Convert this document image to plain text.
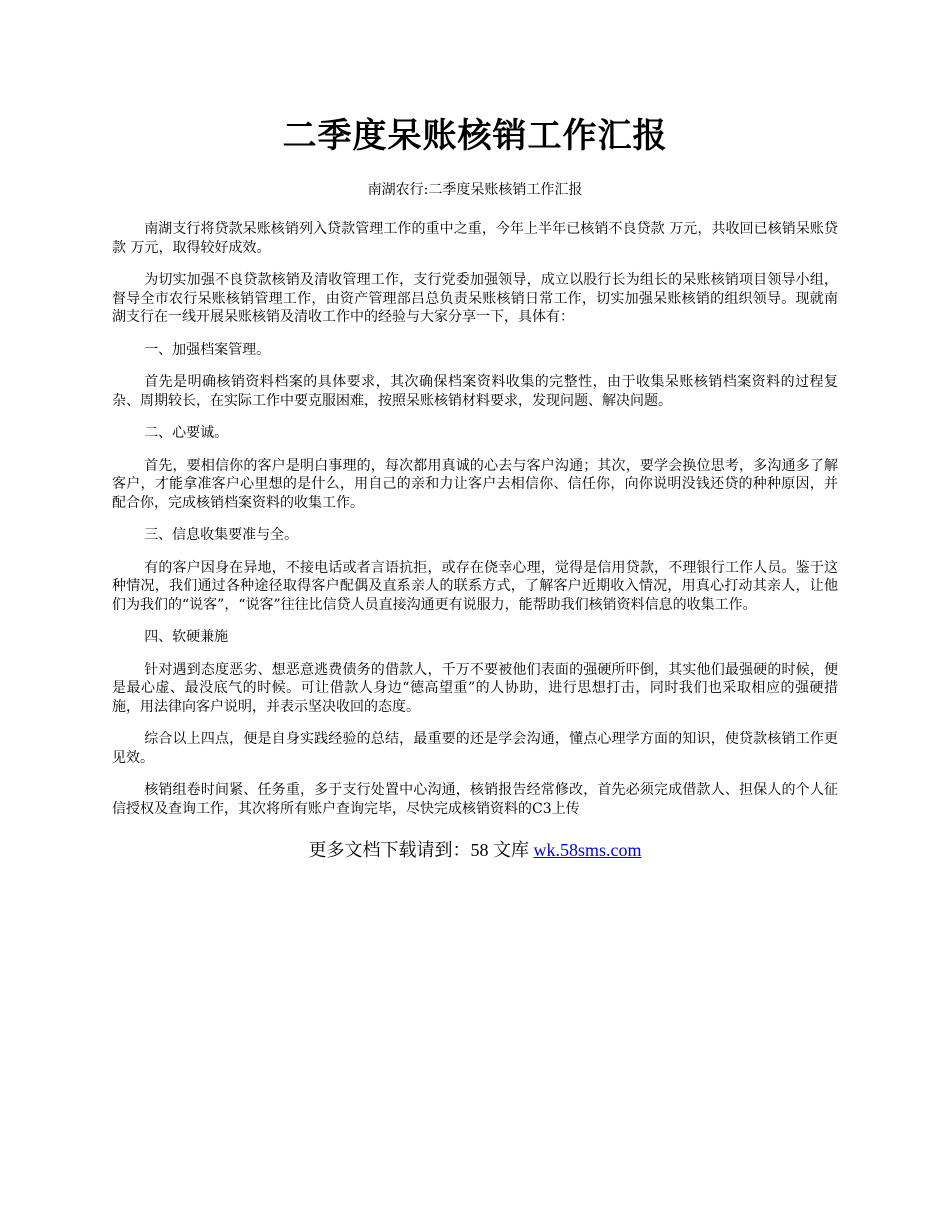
二季度呆账核销工作汇报

南湖农行:二季度呆账核销工作汇报

南湖支行将贷款呆账核销列入贷款管理工作的重中之重，今年上半年已核销不良贷款 万元，共收回已核销呆账贷款 万元，取得较好成效。

为切实加强不良贷款核销及清收管理工作，支行党委加强领导，成立以股行长为组长的呆账核销项目领导小组，督导全市农行呆账核销管理工作，由资产管理部吕总负责呆账核销日常工作，切实加强呆账核销的组织领导。现就南湖支行在一线开展呆账核销及清收工作中的经验与大家分享一下，具体有：

一、加强档案管理。

首先是明确核销资料档案的具体要求，其次确保档案资料收集的完整性，由于收集呆账核销档案资料的过程复杂、周期较长，在实际工作中要克服困难，按照呆账核销材料要求，发现问题、解决问题。

二、心要诚。

首先，要相信你的客户是明白事理的，每次都用真诚的心去与客户沟通；其次，要学会换位思考，多沟通多了解客户，才能拿准客户心里想的是什么，用自己的亲和力让客户去相信你、信任你，向你说明没钱还贷的种种原因，并配合你，完成核销档案资料的收集工作。

三、信息收集要准与全。

有的客户因身在异地，不接电话或者言语抗拒，或存在侥幸心理，觉得是信用贷款，不理银行工作人员。鉴于这种情况，我们通过各种途径取得客户配偶及直系亲人的联系方式，了解客户近期收入情况，用真心打动其亲人，让他们为我们的“说客”，“说客”往往比信贷人员直接沟通更有说服力，能帮助我们核销资料信息的收集工作。

四、软硬兼施

针对遇到态度恶劣、想恶意逃费债务的借款人，千万不要被他们表面的强硬所吓倒，其实他们最强硬的时候，便是最心虚、最没底气的时候。可让借款人身边“德高望重”的人协助，进行思想打击，同时我们也采取相应的强硬措施，用法律向客户说明，并表示坚决收回的态度。

综合以上四点，便是自身实践经验的总结，最重要的还是学会沟通，懂点心理学方面的知识，使贷款核销工作更见效。

核销组卷时间紧、任务重，多于支行处置中心沟通，核销报告经常修改，首先必须完成借款人、担保人的个人征信授权及查询工作，其次将所有账户查询完毕，尽快完成核销资料的C3上传

更多文档下载请到：58 文库 wk.58sms.com
